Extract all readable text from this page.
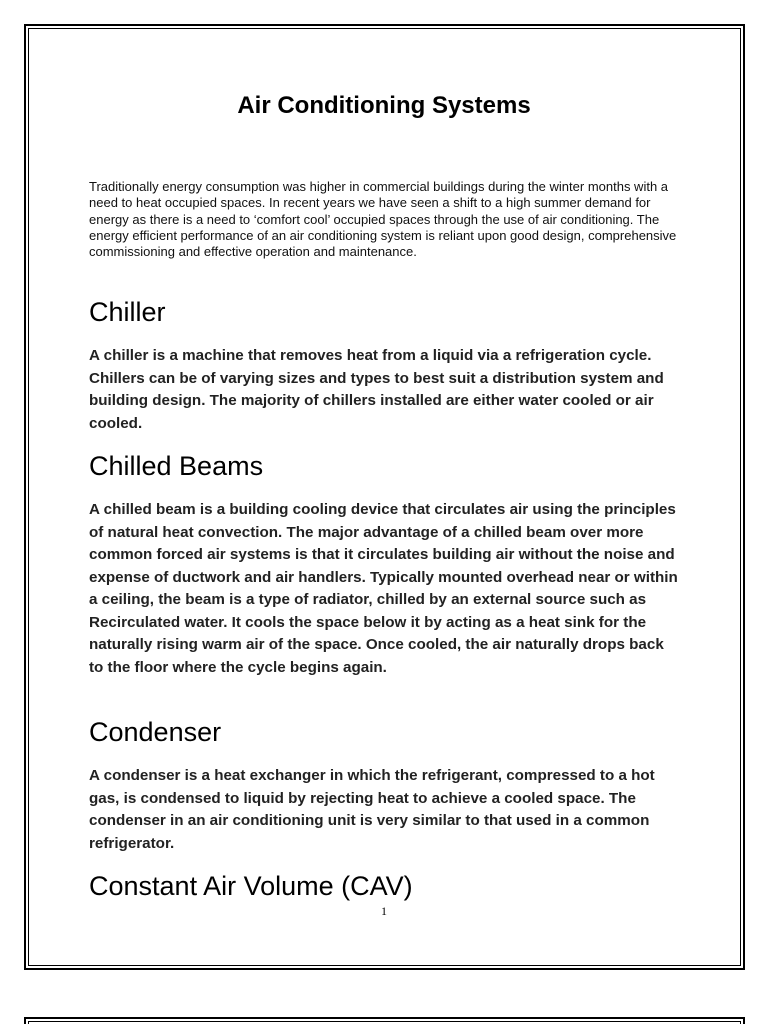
Air Conditioning Systems

Traditionally energy consumption was higher in commercial buildings during the winter months with a need to heat occupied spaces. In recent years we have seen a shift to a high summer demand for energy as there is a need to ‘comfort cool’ occupied spaces through the use of air conditioning. The energy efficient performance of an air conditioning system is reliant upon good design, comprehensive commissioning and effective operation and maintenance.

Chiller

A chiller is a machine that removes heat from a liquid via a refrigeration cycle. Chillers can be of varying sizes and types to best suit a distribution system and building design. The majority of chillers installed are either water cooled or air cooled.

Chilled Beams

A chilled beam is a building cooling device that circulates air using the principles of natural heat convection. The major advantage of a chilled beam over more common forced air systems is that it circulates building air without the noise and expense of ductwork and air handlers. Typically mounted overhead near or within a ceiling, the beam is a type of radiator, chilled by an external source such as Recirculated water. It cools the space below it by acting as a heat sink for the naturally rising warm air of the space. Once cooled, the air naturally drops back to the floor where the cycle begins again.

Condenser

A condenser is a heat exchanger in which the refrigerant, compressed to a hot gas, is condensed to liquid by rejecting heat to achieve a cooled space. The condenser in an air conditioning unit is very similar to that used in a common refrigerator.

Constant Air Volume (CAV)

1
